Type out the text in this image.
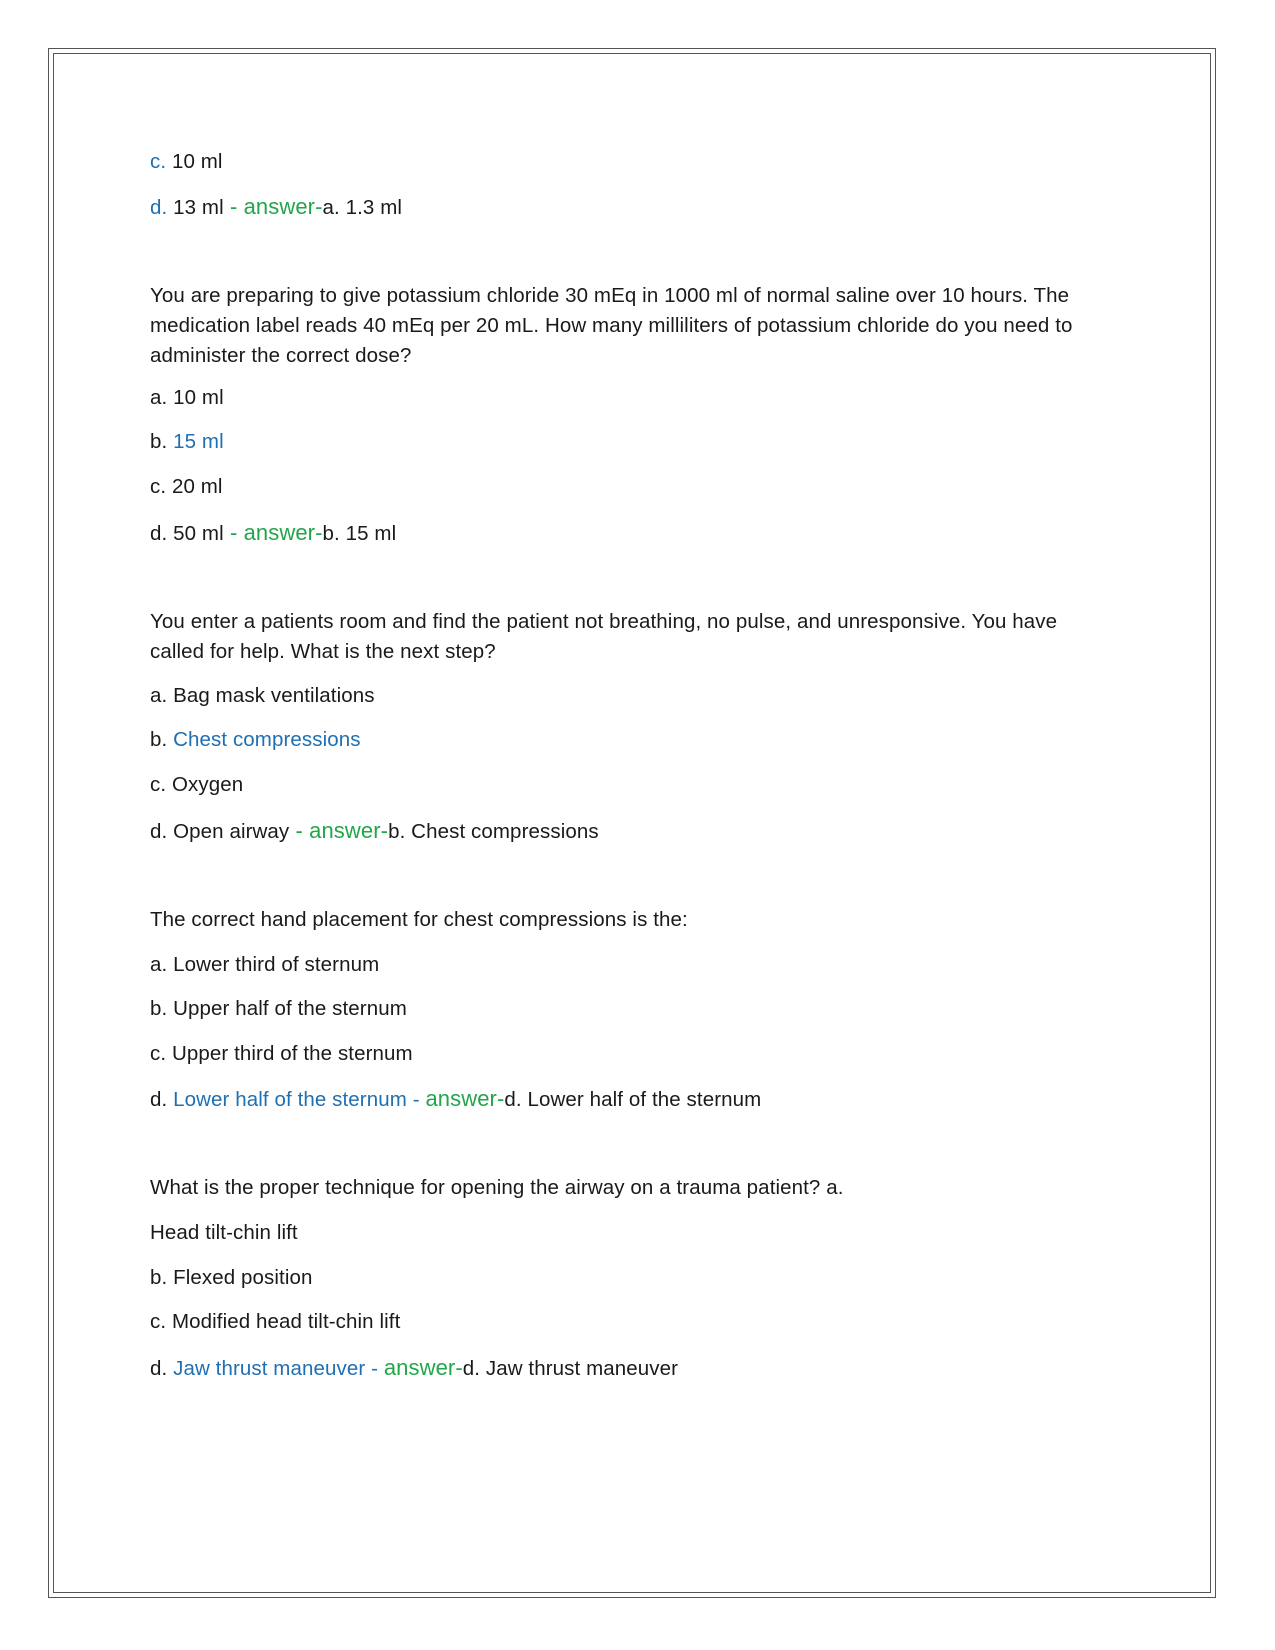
c. 10 ml
d. 13 ml - answer-a. 1.3 ml
You are preparing to give potassium chloride 30 mEq in 1000 ml of normal saline over 10 hours. The medication label reads 40 mEq per 20 mL. How many milliliters of potassium chloride do you need to administer the correct dose?
a. 10 ml
b. 15 ml
c. 20 ml
d. 50 ml - answer-b. 15 ml
You enter a patients room and find the patient not breathing, no pulse, and unresponsive. You have called for help. What is the next step?
a. Bag mask ventilations
b. Chest compressions
c. Oxygen
d. Open airway - answer-b. Chest compressions
The correct hand placement for chest compressions is the:
a. Lower third of sternum
b. Upper half of the sternum
c. Upper third of the sternum
d. Lower half of the sternum - answer-d. Lower half of the sternum
What is the proper technique for opening the airway on a trauma patient? a.
Head tilt-chin lift
b. Flexed position
c. Modified head tilt-chin lift
d. Jaw thrust maneuver - answer-d. Jaw thrust maneuver
